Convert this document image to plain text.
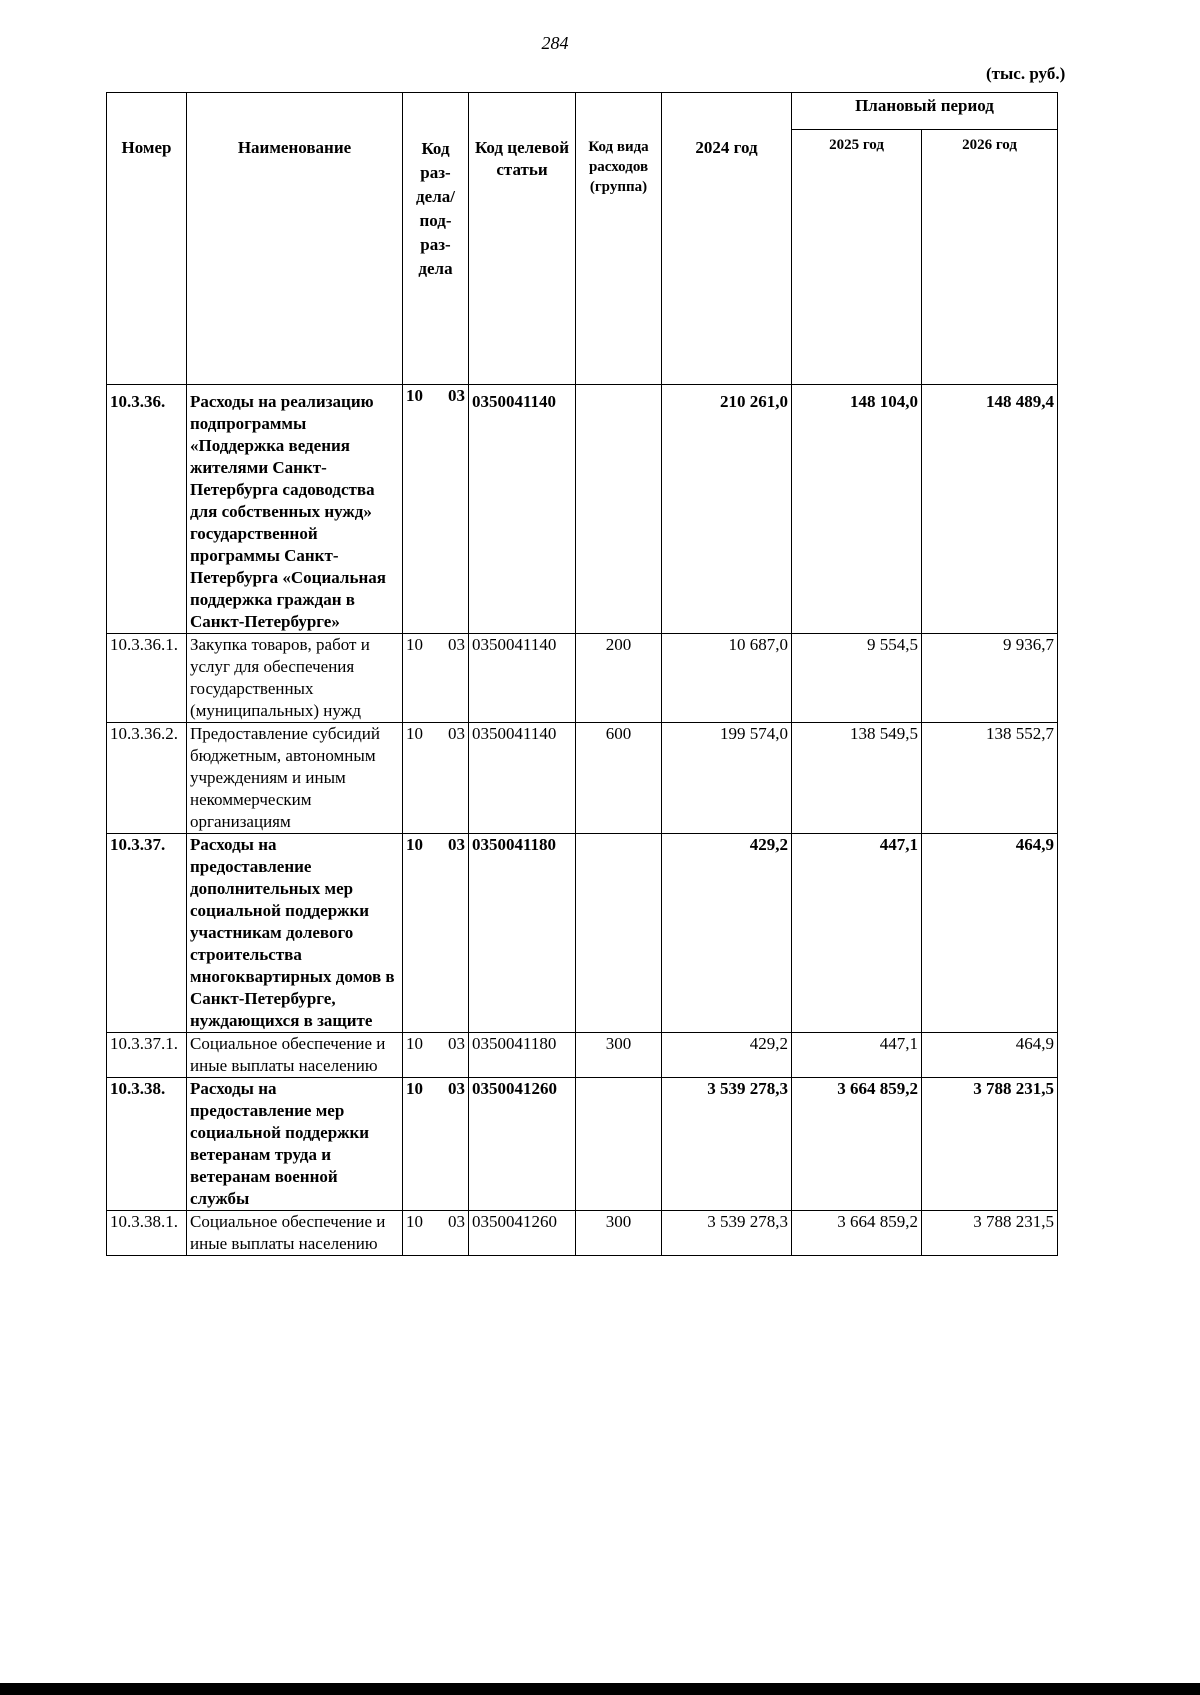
284
(тыс. руб.)
Номер	Наименование	Код раз- дела/ под- раз- дела	Код целевой статьи	Код вида расходов (группа)	2024 год	Плановый период	
						2025 год	2026 год
10.3.36.	Расходы на реализацию подпрограммы «Поддержка ведения жителями Санкт-Петербурга садоводства для собственных нужд» государственной программы Санкт-Петербурга «Социальная поддержка граждан в Санкт-Петербурге»	10 03	0350041140		210 261,0	148 104,0	148 489,4
10.3.36.1.	Закупка товаров, работ и услуг для обеспечения государственных (муниципальных) нужд	10 03	0350041140	200	10 687,0	9 554,5	9 936,7
10.3.36.2.	Предоставление субсидий бюджетным, автономным учреждениям и иным некоммерческим организациям	10 03	0350041140	600	199 574,0	138 549,5	138 552,7
10.3.37.	Расходы на предоставление дополнительных мер социальной поддержки участникам долевого строительства многоквартирных домов в Санкт-Петербурге, нуждающихся в защите	10 03	0350041180		429,2	447,1	464,9
10.3.37.1.	Социальное обеспечение и иные выплаты населению	10 03	0350041180	300	429,2	447,1	464,9
10.3.38.	Расходы на предоставление мер социальной поддержки ветеранам труда и ветеранам военной службы	10 03	0350041260		3 539 278,3	3 664 859,2	3 788 231,5
10.3.38.1.	Социальное обеспечение и иные выплаты населению	10 03	0350041260	300	3 539 278,3	3 664 859,2	3 788 231,5
